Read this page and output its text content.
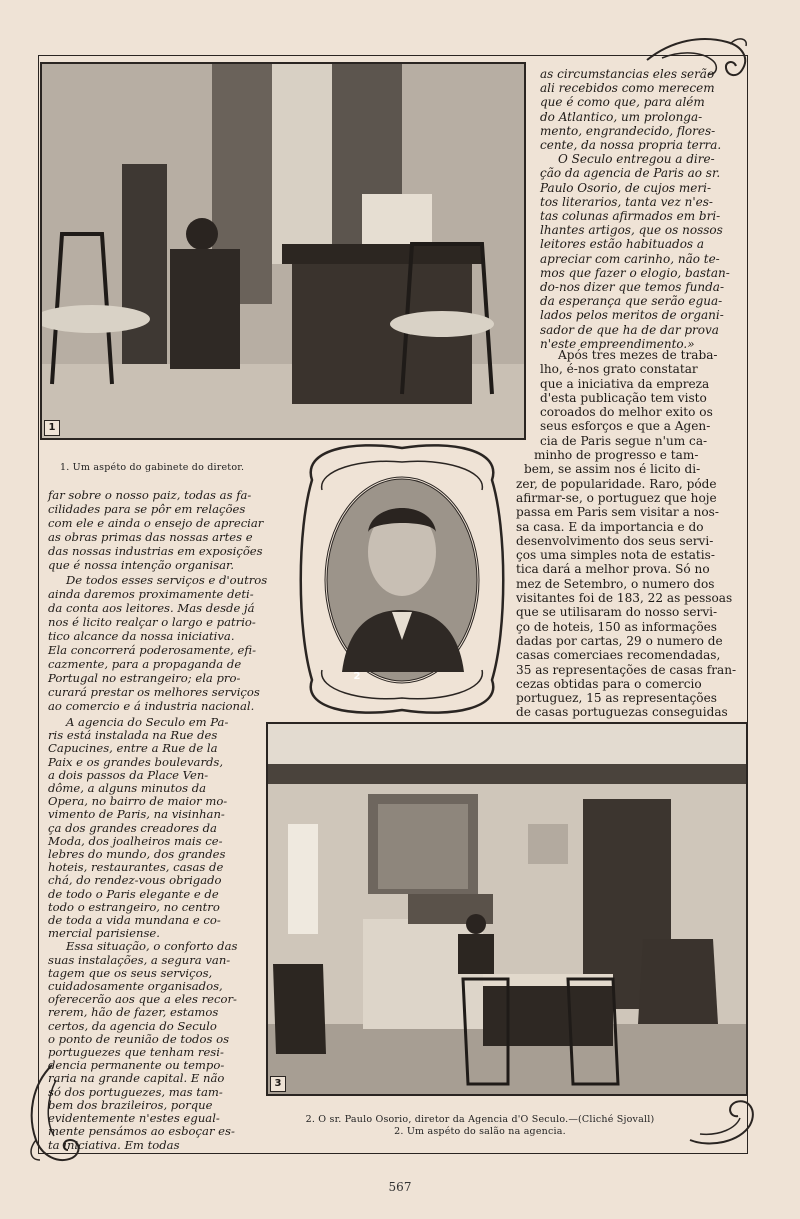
1
1. Um aspéto do gabinete do diretor.
2
3

as circumstancias eles serão

ali recebidos como merecem

que é como que, para além

do Atlantico, um prolonga-

mento, engrandecido, flores-

cente, da nossa propria terra.

O Seculo entregou a dire-

ção da agencia de Paris ao sr.

Paulo Osorio, de cujos meri-

tos literarios, tanta vez n'es-

tas colunas afirmados em bri-

lhantes artigos, que os nossos

leitores estão habituados a

apreciar com carinho, não te-

mos que fazer o elogio, bastan-

do-nos dizer que temos funda-

da esperança que serão egua-

lados pelos meritos de organi-

sador de que ha de dar prova

n'este empreendimento.»

Após tres mezes de traba-

lho, é-nos grato constatar

que a iniciativa da empreza

d'esta publicação tem visto

coroados do melhor exito os

seus esforços e que a Agen-

cia de Paris segue n'um ca-

minho de progresso e tam-

bem, se assim nos é licito di-

zer, de popularidade. Raro, póde

afirmar-se, o portuguez que hoje

passa em Paris sem visitar a nos-

sa casa. E da importancia e do

desenvolvimento dos seus servi-

ços uma simples nota de estatis-

tica dará a melhor prova. Só no

mez de Setembro, o numero dos

visitantes foi de 183, 22 as pessoas

que se utilisaram do nosso servi-

ço de hoteis, 150 as informações

dadas por cartas, 29 o numero de

casas comerciaes recomendadas,

35 as representações de casas fran-

cezas obtidas para o comercio

portuguez, 15 as representações

de casas portuguezas conseguidas

far sobre o nosso paiz, todas as fa-

cilidades para se pôr em relações

com ele e ainda o ensejo de apreciar

as obras primas das nossas artes e

das nossas industrias em exposições

que é nossa intenção organisar.

De todos esses serviços e d'outros

ainda daremos proximamente deti-

da conta aos leitores. Mas desde já

nos é licito realçar o largo e patrio-

tico alcance da nossa iniciativa.

Ela concorrerá poderosamente, efi-

cazmente, para a propaganda de

Portugal no estrangeiro; ela pro-

curará prestar os melhores serviços

ao comercio e á industria nacional.

A agencia do Seculo em Pa-

ris está instalada na Rue des

Capucines, entre a Rue de la

Paix e os grandes boulevards,

a dois passos da Place Ven-

dôme, a alguns minutos da

Opera, no bairro de maior mo-

vimento de Paris, na visinhan-

ça dos grandes creadores da

Moda, dos joalheiros mais ce-

lebres do mundo, dos grandes

hoteis, restaurantes, casas de

chá, do rendez-vous obrigado

de todo o Paris elegante e de

todo o estrangeiro, no centro

de toda a vida mundana e co-

mercial parisiense.

Essa situação, o conforto das

suas instalações, a segura van-

tagem que os seus serviços,

cuidadosamente organisados,

oferecerão aos que a eles recor-

rerem, hão de fazer, estamos

certos, da agencia do Seculo

o ponto de reunião de todos os

portuguezes que tenham resi-

dencia permanente ou tempo-

raria na grande capital. E não

só dos portuguezes, mas tam-

bem dos brazileiros, porque

evidentemente n'estes egual-

mente pensámos ao esboçar es-

ta iniciativa. Em todas

2. O sr. Paulo Osorio, diretor da Agencia d'O Seculo.—(Cliché Sjovall)
2. Um aspéto do salão na agencia.
567
